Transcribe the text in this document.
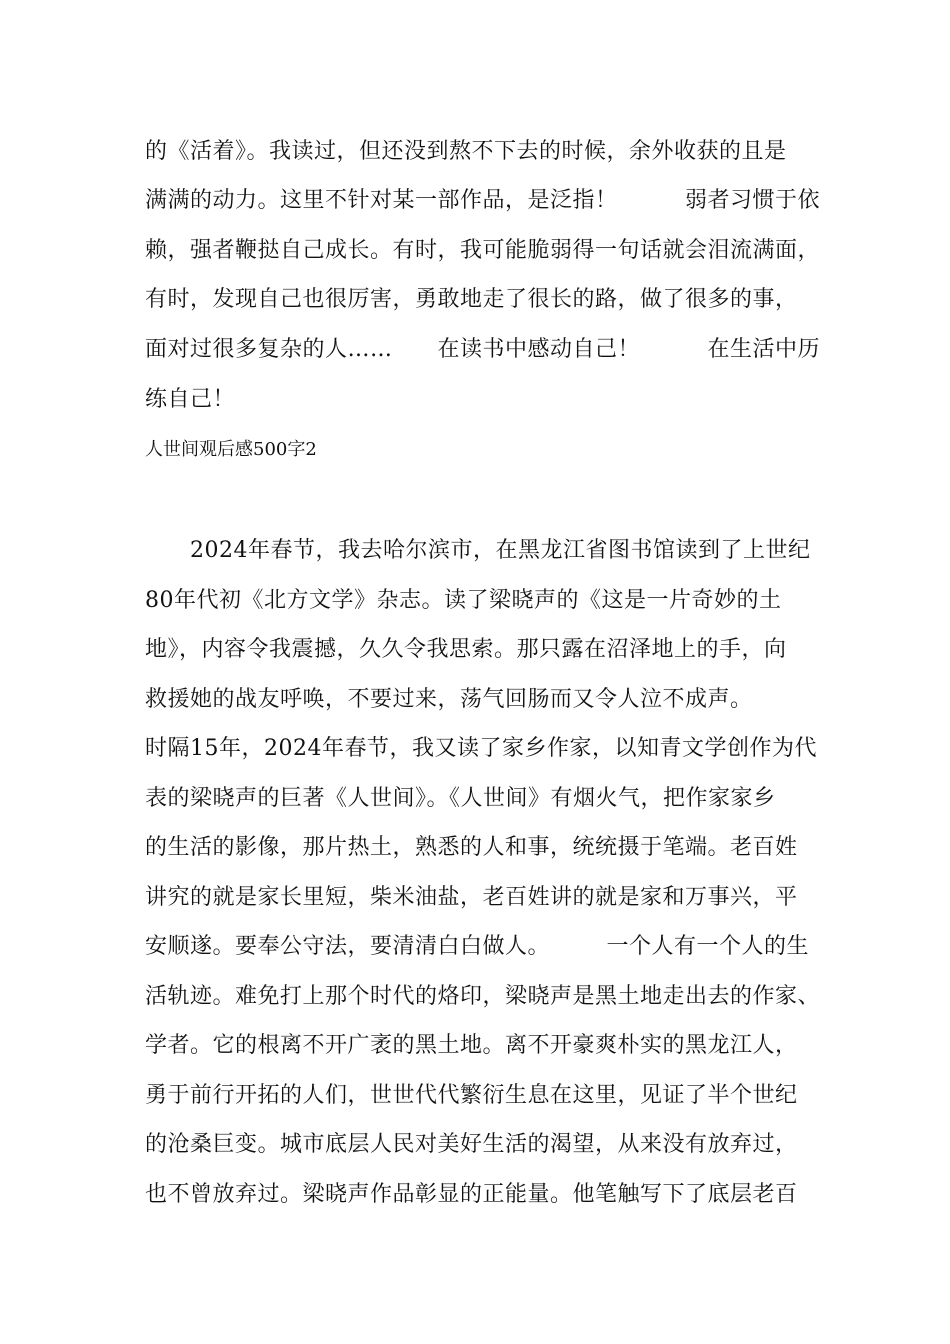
的《活着》。我读过，但还没到熬不下去的时候，余外收获的且是
满满的动力。这里不针对某一部作品，是泛指！　　　弱者习惯于依
赖，强者鞭挞自己成长。有时，我可能脆弱得一句话就会泪流满面，
有时，发现自己也很厉害，勇敢地走了很长的路，做了很多的事，
面对过很多复杂的人……　　在读书中感动自己！　　　在生活中历
练自己！
人世间观后感500字2
　　2024年春节，我去哈尔滨市，在黑龙江省图书馆读到了上世纪
80年代初《北方文学》杂志。读了梁晓声的《这是一片奇妙的土
地》，内容令我震撼，久久令我思索。那只露在沼泽地上的手，向
救援她的战友呼唤，不要过来，荡气回肠而又令人泣不成声。
时隔15年，2024年春节，我又读了家乡作家，以知青文学创作为代
表的梁晓声的巨著《人世间》。《人世间》有烟火气，把作家家乡
的生活的影像，那片热土，熟悉的人和事，统统摄于笔端。老百姓
讲究的就是家长里短，柴米油盐，老百姓讲的就是家和万事兴，平
安顺遂。要奉公守法，要清清白白做人。　　　一个人有一个人的生
活轨迹。难免打上那个时代的烙印，梁晓声是黑土地走出去的作家、
学者。它的根离不开广袤的黑土地。离不开豪爽朴实的黑龙江人，
勇于前行开拓的人们，世世代代繁衍生息在这里，见证了半个世纪
的沧桑巨变。城市底层人民对美好生活的渴望，从来没有放弃过，
也不曾放弃过。梁晓声作品彰显的正能量。他笔触写下了底层老百
